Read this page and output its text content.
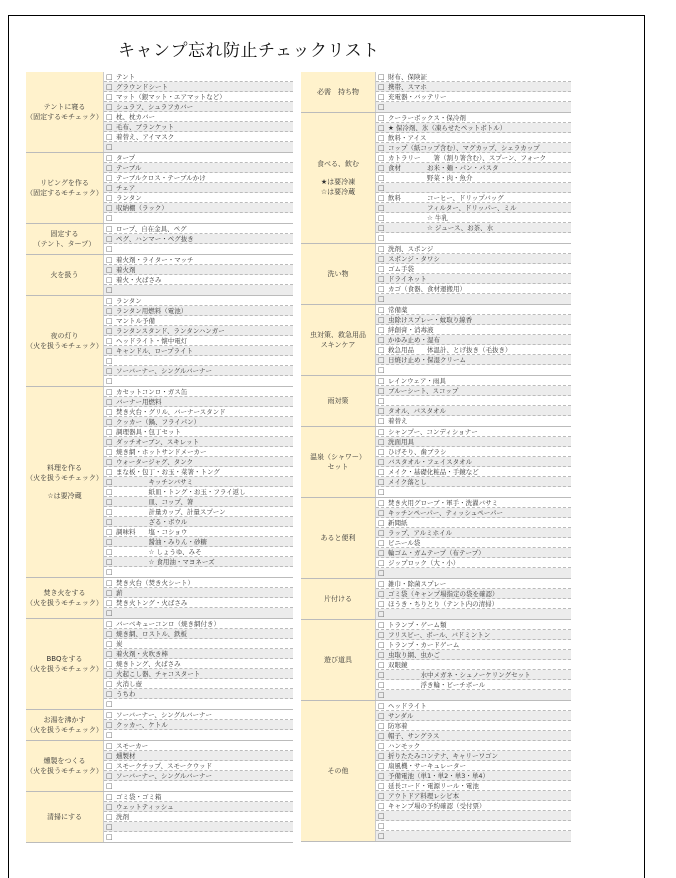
キャンプ忘れ防止チェックリスト
テントに寝る
（固定するモチェック）
□ テント
□ グラウンドシート
□ マット（銀マット・エアマットなど）
□ シュラフ、シュラフカバー
□ 枕、枕カバー
□ 毛布、ブランケット
□ 着替え、アイマスク
□
リビングを作る
（固定するモチェック）
□ タープ
□ テーブル
□ テーブルクロス・テーブルかけ
□ チェア
□ ランタン
□ 収納棚（ラック）
□
固定する
（テント、タープ）
□ ロープ、自在金具、ペグ
□ ペグ、ハンマー・ペグ抜き
□
火を扱う
□ 着火剤・ライター・マッチ
□ 着火剤
□ 着火・火ばさみ
□
夜の灯り
（火を扱うモチェック）
□ ランタン
□ ランタン用燃料（電池）
□ マントル予備
□ ランタンスタンド、ランタンハンガー
□ ヘッドライト・懐中電灯
□ キャンドル、ロープライト
□
□ ソーバーナー、シングルバーナー
□
料理を作る
（火を扱うモチェック）
☆は要冷蔵
□ カセットコンロ・ガス缶
□ バーナー用燃料
□ 焚き火台・グリル、バーナースタンド
□ クッカー（鍋、フライパン）
□ 調理器具・包丁セット
□ ダッチオーブン、スキレット
□ 焼き網・ホットサンドメーカー
□ ウォータージャグ、タンク
□ まな板・包丁・お玉・菜箸・トング
□ 　　　　　キッチンバサミ
□ 　　　　　紙皿・トング・お玉・フライ返し
□ 　　　　　皿、コップ、箸
□ 　　　　　計量カップ、計量スプーン
□ 　　　　　ざる・ボウル
□ 調味料　　塩・コショウ
□ 　　　　　醤油・みりん・砂糖
□ 　　　　　☆ しょうゆ、みそ
□ 　　　　　☆ 食用油・マヨネーズ
□
焚き火をする
（火を扱うモチェック）
□ 焚き火台（焚き火シート）
□ 薪
□ 焚き火トング・火ばさみ
□
BBQをする
（火を扱うモチェック）
□ バーベキューコンロ（焼き網付き）
□ 焼き網、ロストル、鉄板
□ 炭
□ 着火剤・火吹き棒
□ 焼きトング、火ばさみ
□ 火起こし器、チャコスタート
□ 火消し壺
□ うちわ
□
お湯を沸かす
（火を扱うモチェック）
□ ソーバーナー、シングルバーナー
□ クッカー、ケトル
□
燻製をつくる
（火を扱うモチェック）
□ スモーカー
□ 燻製材
□ スモークチップ、スモークウッド
□ ソーバーナー、シングルバーナー
□
清掃にする
□ ゴミ袋・ゴミ箱
□ ウェットティッシュ
□ 洗剤
□
□
必需　持ち物
□ 財布、保険証
□ 携帯、スマホ
□ 充電器・バッテリー
□
食べる、飲む
★は要冷凍
☆は要冷蔵
□ クーラーボックス・保冷剤
□ ★ 保冷剤、氷（凍らせたペットボトル）
□ 飲料・アイス
□ コップ（紙コップ含む）、マグカップ、シェラカップ
□ カトラリー　　箸（割り箸含む）、スプーン、フォーク
□ 食材　　　　お米・麺・パン・パスタ
□ 　　　　　　野菜・肉・魚介
□
□ 飲料　　　　コーヒー、ドリップバッグ
□ 　　　　　　フィルター、ドリッパー、ミル
□ 　　　　　　☆ 牛乳
□ 　　　　　　☆ ジュース、お茶、水
□
洗い物
□ 洗剤、スポンジ
□ スポンジ・タワシ
□ ゴム手袋
□ ドライネット
□ カゴ（食器、食材運搬用）
□
虫対策、救急用品
スキンケア
□ 常備薬
□ 虫除けスプレー・蚊取り線香
□ 絆創膏・消毒液
□ かゆみ止め・湿布
□ 救急用品　　体温計、とげ抜き（毛抜き）
□ 日焼け止め・保湿クリーム
□
雨対策
□ レインウェア・雨具
□ ブルーシート、スコップ
□
□ タオル、バスタオル
□ 着替え
温泉（シャワー）
セット
□ シャンプー、コンディショナー
□ 洗面用具
□ ひげそり、歯ブラシ
□ バスタオル・フェイスタオル
□ メイク・基礎化粧品・手鏡など
□ メイク落とし
□
あると便利
□ 焚き火用グローブ・軍手・洗濯バサミ
□ キッチンペーパー、ティッシュペーパー
□ 新聞紙
□ ラップ、アルミホイル
□ ビニール袋
□ 輪ゴム・ガムテープ（布テープ）
□ ジップロック（大・小）
□
片付ける
□ 雑巾・除菌スプレー
□ ゴミ袋（キャンプ場指定の袋を確認）
□ ほうき・ちりとり（テント内の清掃）
□
遊び道具
□ トランプ・ゲーム類
□ フリスビー、ボール、バドミントン
□ トランプ・カードゲーム
□ 虫取り網、虫かご
□ 双眼鏡
□ 　　　　　水中メガネ・シュノーケリングセット
□ 　　　　　浮き輪・ビーチボール
□
その他
□ ヘッドライト
□ サンダル
□ 防寒着
□ 帽子、サングラス
□ ハンモック
□ 折りたたみコンテナ、キャリーワゴン
□ 扇風機・サーキュレーター
□ 予備電池（単1・単2・単3・単4）
□ 延長コード・電源リール・電池
□ アウトドア料理レシピ本
□ キャンプ場の予約確認（受付票）
□
□
□
